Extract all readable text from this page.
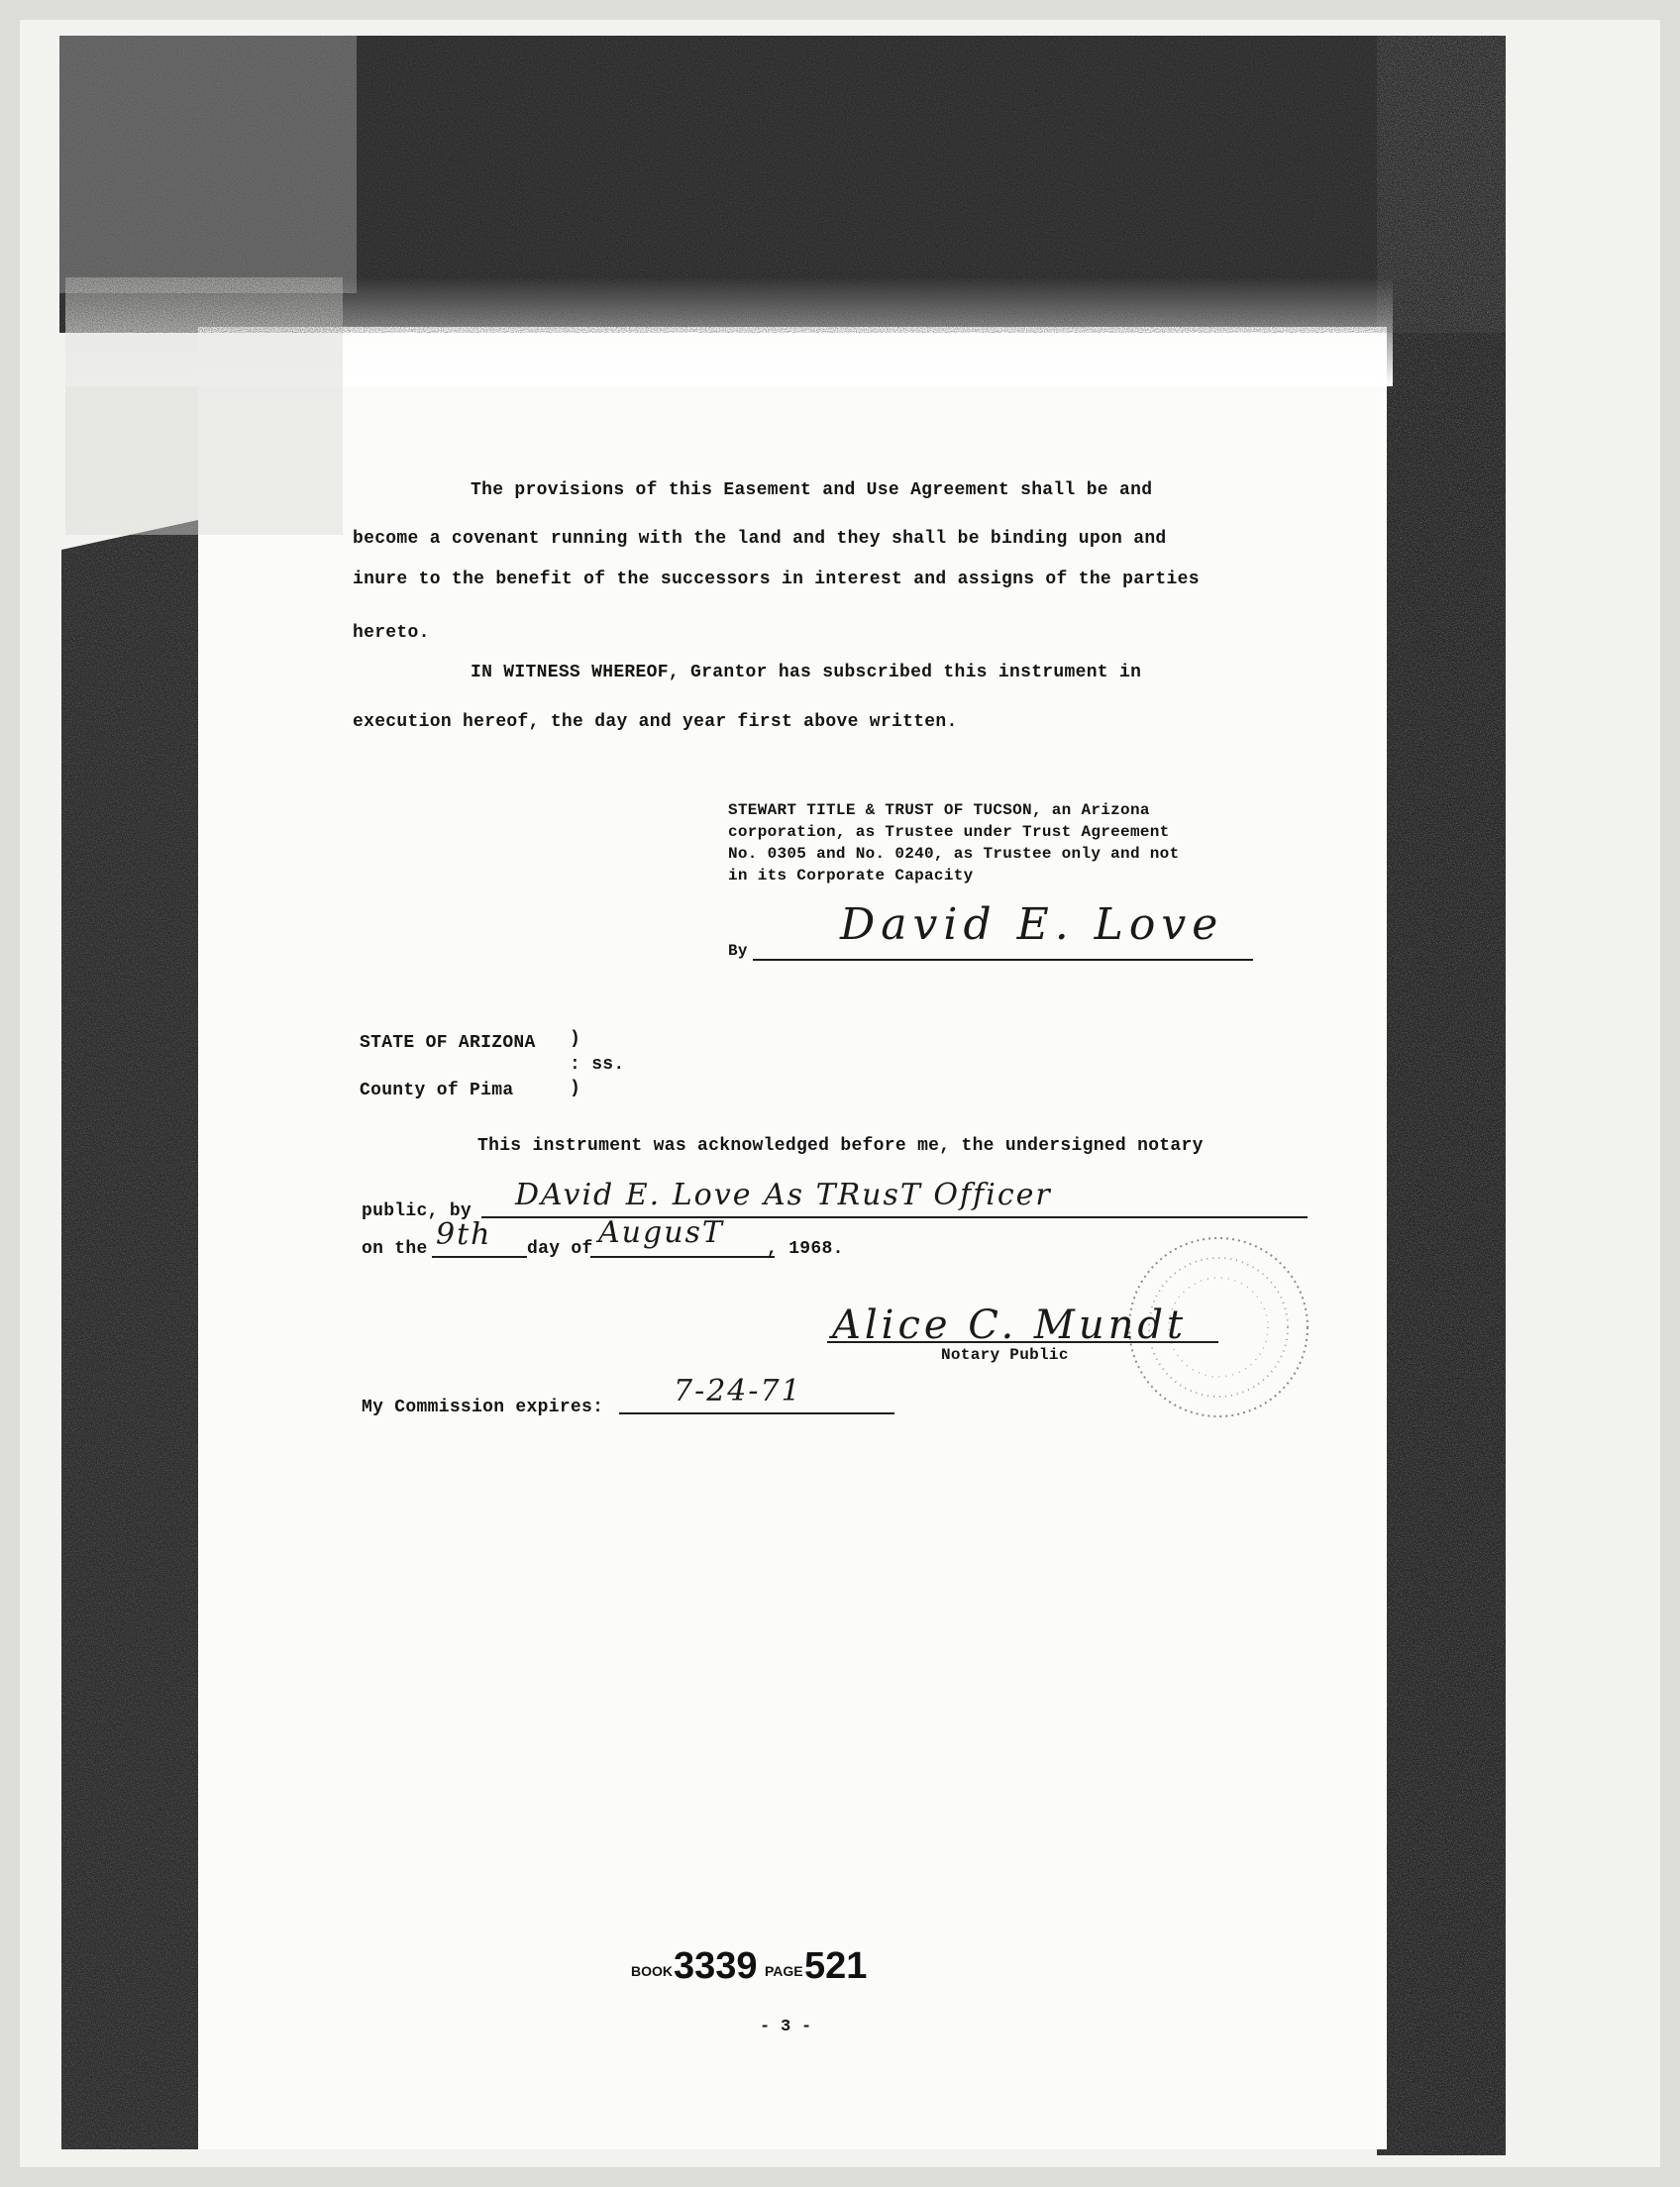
The provisions of this Easement and Use Agreement shall be and
become a covenant running with the land and they shall be binding upon and
inure to the benefit of the successors in interest and assigns of the parties
hereto.
IN WITNESS WHEREOF, Grantor has subscribed this instrument in
execution hereof, the day and year first above written.
STEWART TITLE & TRUST OF TUCSON, an Arizona
corporation, as Trustee under Trust Agreement
No. 0305 and No. 0240, as Trustee only and not
in its Corporate Capacity
By
David E. Love
STATE OF ARIZONA )
: ss.
County of Pima	)
This instrument was acknowledged before me, the undersigned notary
public, by DAvid E. Love As TRusT Officer
on the 9th day of AugusT , 1968.
Alice C. Mundt
Notary Public
My Commission expires: 7-24-71
BOOK 3339 PAGE 521
- 3 -
